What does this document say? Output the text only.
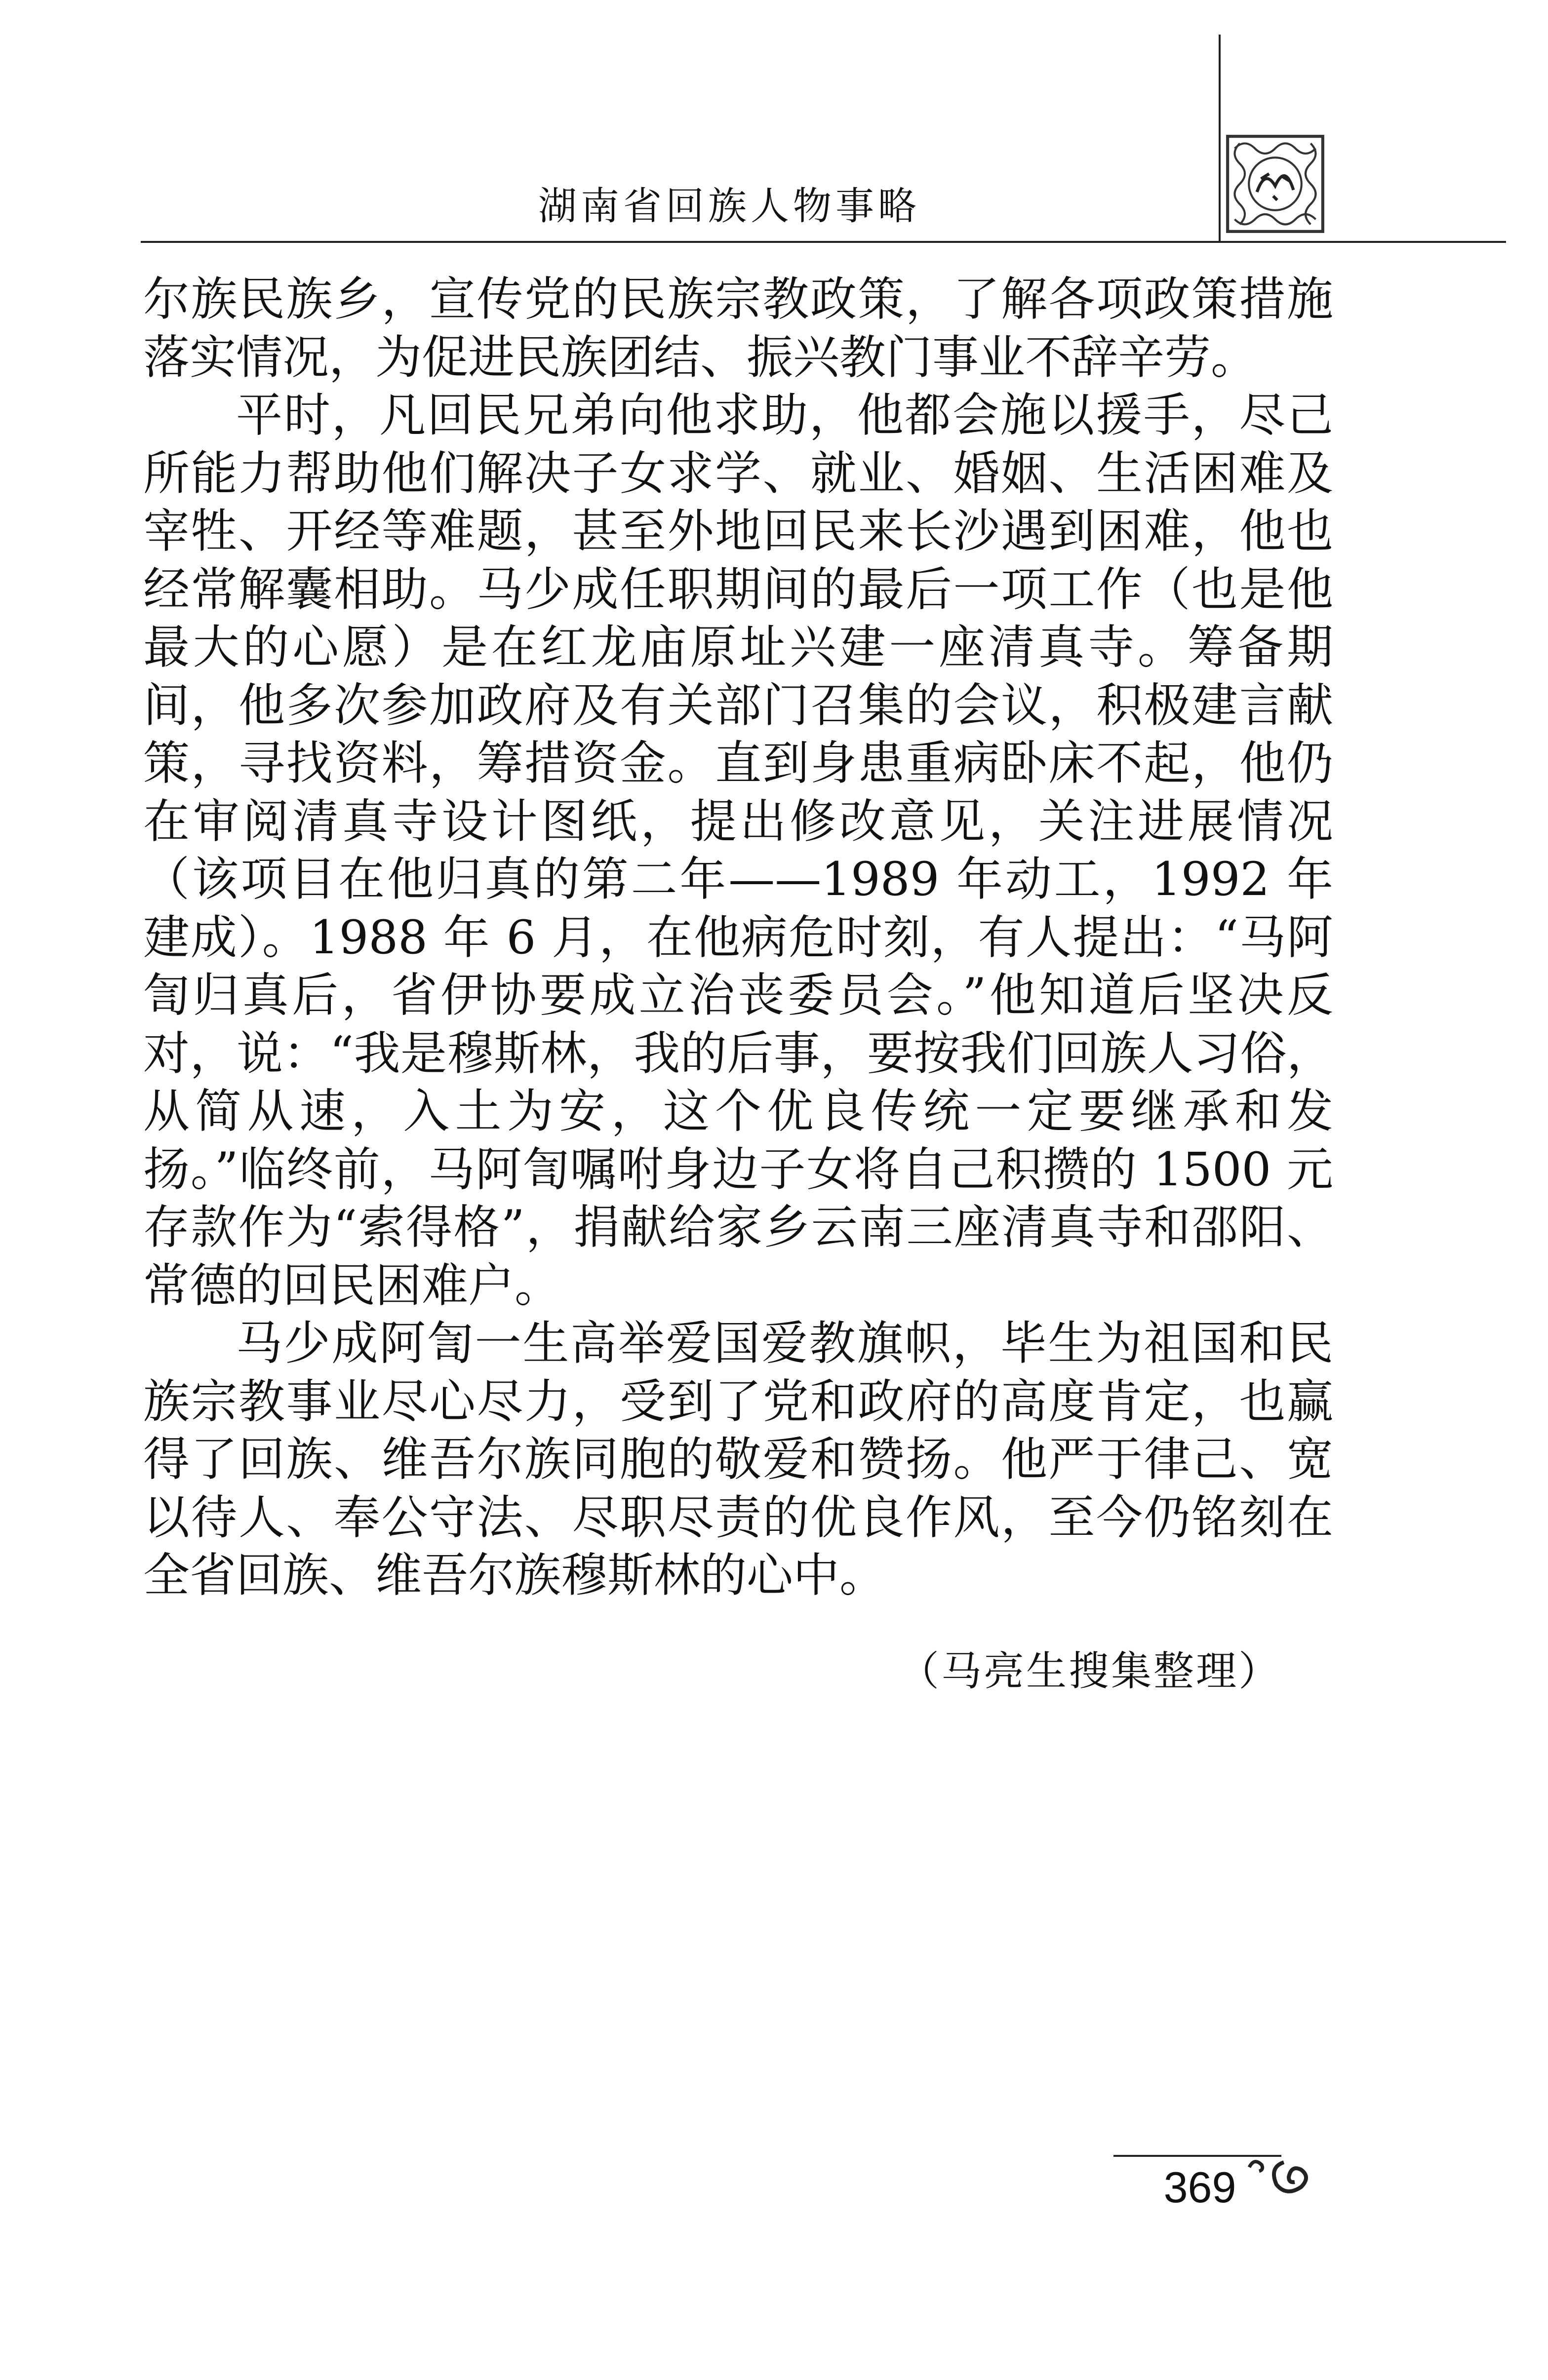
湖南省回族人物事略

尔族民族乡，宣传党的民族宗教政策，了解各项政策措施落实情况，为促进民族团结、振兴教门事业不辞辛劳。

平时，凡回民兄弟向他求助，他都会施以援手，尽己所能力帮助他们解决子女求学、就业、婚姻、生活困难及宰牲、开经等难题，甚至外地回民来长沙遇到困难，他也经常解囊相助。马少成任职期间的最后一项工作（也是他最大的心愿）是在红龙庙原址兴建一座清真寺。筹备期间，他多次参加政府及有关部门召集的会议，积极建言献策，寻找资料，筹措资金。直到身患重病卧床不起，他仍在审阅清真寺设计图纸，提出修改意见，关注进展情况（该项目在他归真的第二年——1989 年动工，1992 年建成）。1988 年 6 月，在他病危时刻，有人提出：“马阿訇归真后，省伊协要成立治丧委员会。”他知道后坚决反对，说：“我是穆斯林，我的后事，要按我们回族人习俗，从简从速，入土为安，这个优良传统一定要继承和发扬。”临终前，马阿訇嘱咐身边子女将自己积攒的 1500 元存款作为“索得格”，捐献给家乡云南三座清真寺和邵阳、常德的回民困难户。

马少成阿訇一生高举爱国爱教旗帜，毕生为祖国和民族宗教事业尽心尽力，受到了党和政府的高度肯定，也赢得了回族、维吾尔族同胞的敬爱和赞扬。他严于律己、宽以待人、奉公守法、尽职尽责的优良作风，至今仍铭刻在全省回族、维吾尔族穆斯林的心中。

（马亮生搜集整理）
369
